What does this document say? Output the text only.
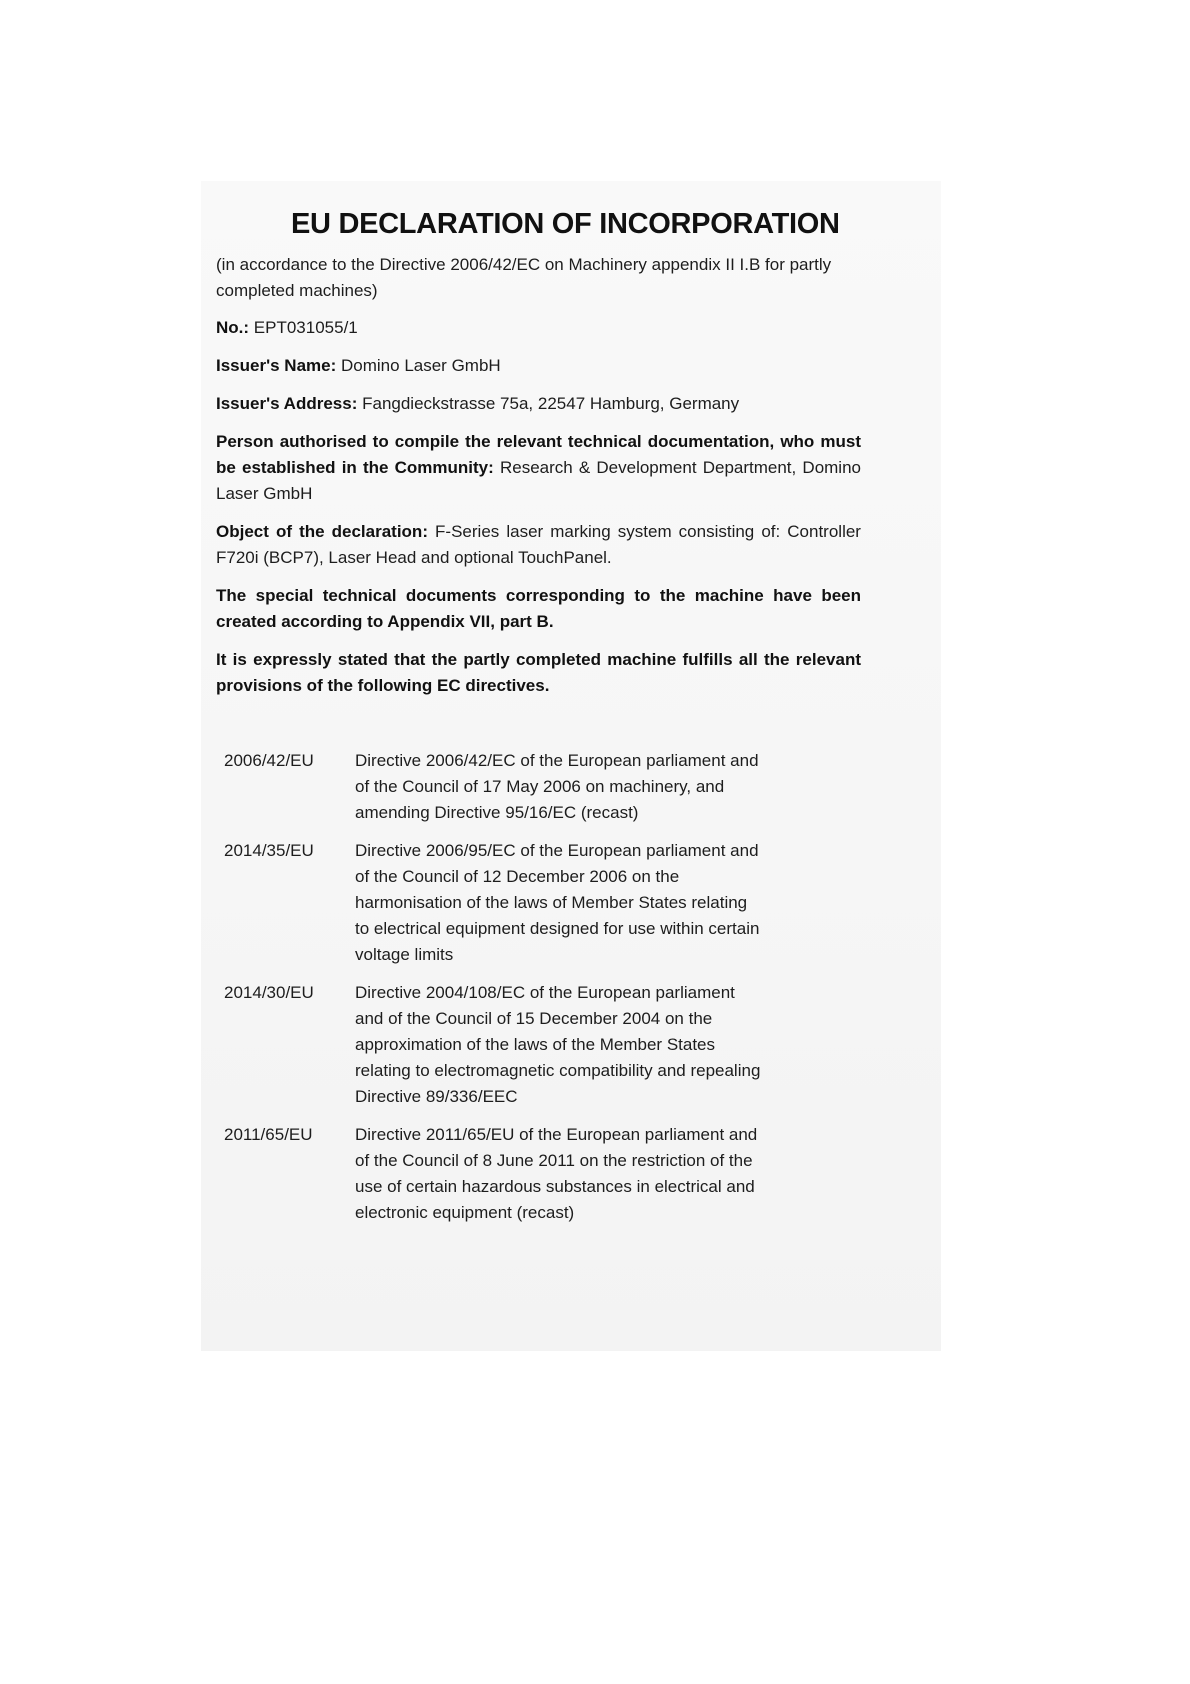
EU DECLARATION OF INCORPORATION

(in accordance to the Directive 2006/42/EC on Machinery appendix II I.B for partly completed machines)

No.: EPT031055/1

Issuer's Name: Domino Laser GmbH

Issuer's Address: Fangdieckstrasse 75a, 22547 Hamburg, Germany

Person authorised to compile the relevant technical documentation, who must be established in the Community: Research & Development Department, Domino Laser GmbH

Object of the declaration: F-Series laser marking system consisting of: Controller F720i (BCP7), Laser Head and optional TouchPanel.

The special technical documents corresponding to the machine have been created according to Appendix VII, part B.

It is expressly stated that the partly completed machine fulfills all the relevant provisions of the following EC directives.

2006/42/EU	Directive 2006/42/EC of the European parliament and of the Council of 17 May 2006 on machinery, and amending Directive 95/16/EC (recast)
2014/35/EU	Directive 2006/95/EC of the European parliament and of the Council of 12 December 2006 on the harmonisation of the laws of Member States relating to electrical equipment designed for use within certain voltage limits
2014/30/EU	Directive 2004/108/EC of the European parliament and of the Council of 15 December 2004 on the approximation of the laws of the Member States relating to electromagnetic compatibility and repealing Directive 89/336/EEC
2011/65/EU	Directive 2011/65/EU of the European parliament and of the Council of 8 June 2011 on the restriction of the use of certain hazardous substances in electrical and electronic equipment (recast)
